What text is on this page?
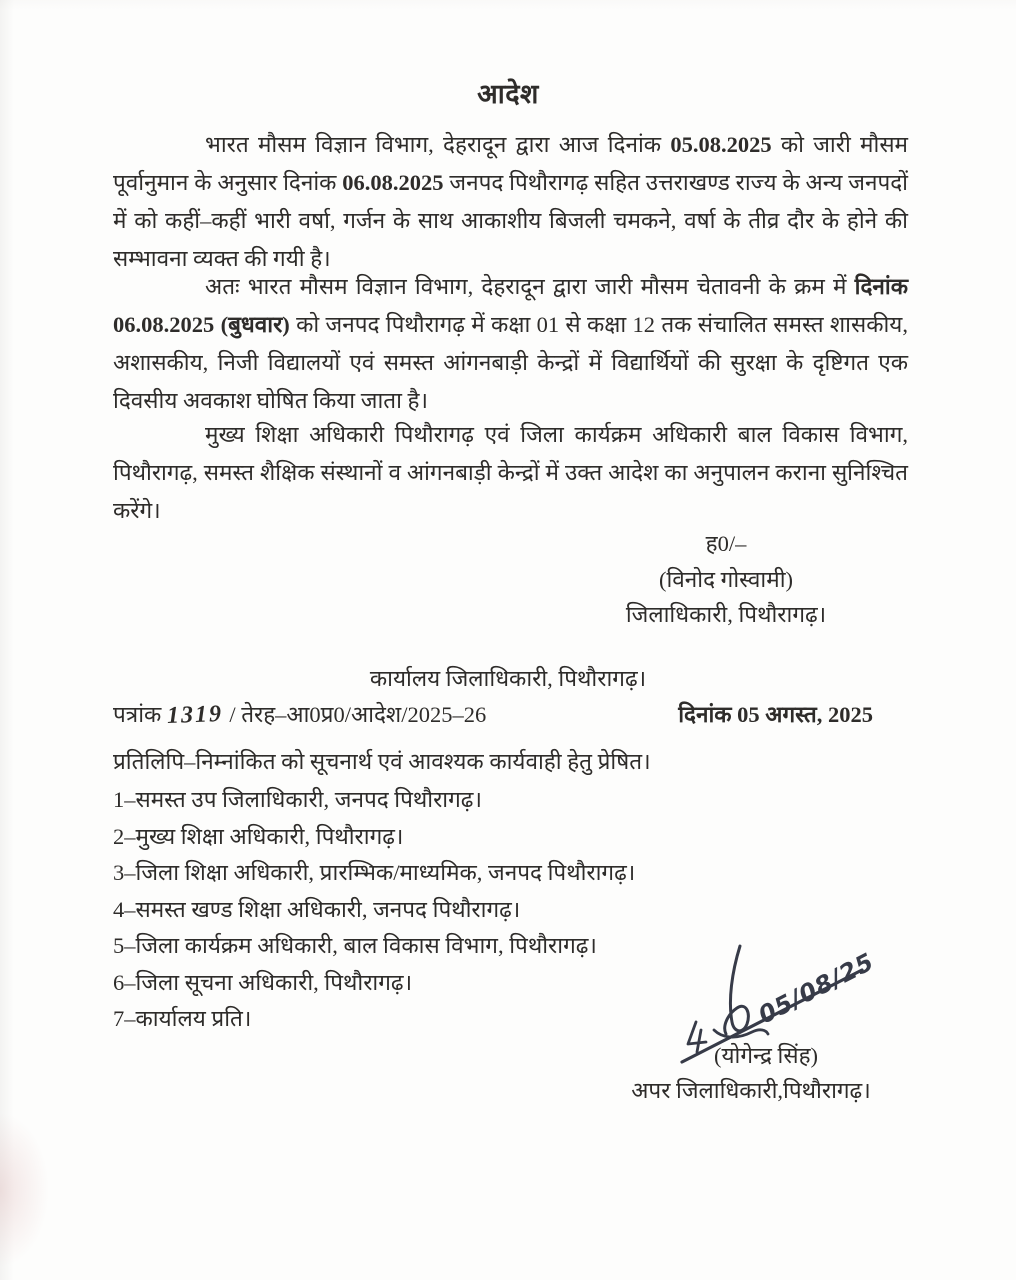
आदेश
भारत मौसम विज्ञान विभाग, देहरादून द्वारा आज दिनांक 05.08.2025 को जारी मौसम पूर्वानुमान के अनुसार दिनांक 06.08.2025 जनपद पिथौरागढ़ सहित उत्तराखण्ड राज्य के अन्य जनपदों में को कहीं–कहीं भारी वर्षा, गर्जन के साथ आकाशीय बिजली चमकने, वर्षा के तीव्र दौर के होने की सम्भावना व्यक्त की गयी है।
अतः भारत मौसम विज्ञान विभाग, देहरादून द्वारा जारी मौसम चेतावनी के क्रम में दिनांक 06.08.2025 (बुधवार) को जनपद पिथौरागढ़ में कक्षा 01 से कक्षा 12 तक संचालित समस्त शासकीय, अशासकीय, निजी विद्यालयों एवं समस्त आंगनबाड़ी केन्द्रों में विद्यार्थियों की सुरक्षा के दृष्टिगत एक दिवसीय अवकाश घोषित किया जाता है।
मुख्य शिक्षा अधिकारी पिथौरागढ़ एवं जिला कार्यक्रम अधिकारी बाल विकास विभाग, पिथौरागढ़, समस्त शैक्षिक संस्थानों व आंगनबाड़ी केन्द्रों में उक्त आदेश का अनुपालन कराना सुनिश्चित करेंगे।
ह0/–
(विनोद गोस्वामी)
जिलाधिकारी, पिथौरागढ़।
कार्यालय जिलाधिकारी, पिथौरागढ़।
पत्रांक 1319 / तेरह–आ0प्र0/आदेश/2025–26	दिनांक 05 अगस्त, 2025
प्रतिलिपि–निम्नांकित को सूचनार्थ एवं आवश्यक कार्यवाही हेतु प्रेषित।
1–समस्त उप जिलाधिकारी, जनपद पिथौरागढ़।
2–मुख्य शिक्षा अधिकारी, पिथौरागढ़।
3–जिला शिक्षा अधिकारी, प्रारम्भिक/माध्यमिक, जनपद पिथौरागढ़।
4–समस्त खण्ड शिक्षा अधिकारी, जनपद पिथौरागढ़।
5–जिला कार्यक्रम अधिकारी, बाल विकास विभाग, पिथौरागढ़।
6–जिला सूचना अधिकारी, पिथौरागढ़।
7–कार्यालय प्रति।	05/08/25
(योगेन्द्र सिंह)
अपर जिलाधिकारी,पिथौरागढ़।
